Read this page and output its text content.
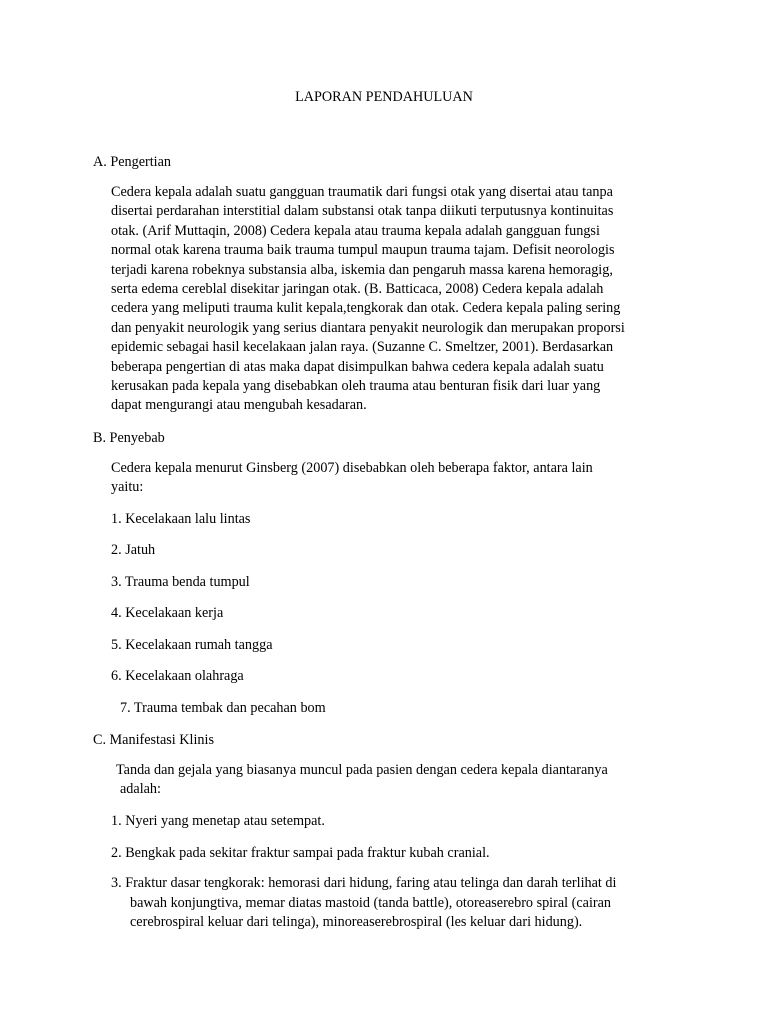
LAPORAN PENDAHULUAN
A. Pengertian
Cedera kepala adalah suatu gangguan traumatik dari fungsi otak yang disertai atau tanpa
disertai perdarahan interstitial dalam substansi otak tanpa diikuti terputusnya kontinuitas
otak. (Arif Muttaqin, 2008) Cedera kepala atau trauma kepala adalah gangguan fungsi
normal otak karena trauma baik trauma tumpul maupun trauma tajam. Defisit neorologis
terjadi karena robeknya substansia alba, iskemia dan pengaruh massa karena hemoragig,
serta edema cereblal disekitar jaringan otak. (B. Batticaca, 2008) Cedera kepala adalah
cedera yang meliputi trauma kulit kepala,tengkorak dan otak. Cedera kepala paling sering
dan penyakit neurologik yang serius diantara penyakit neurologik dan merupakan proporsi
epidemic sebagai hasil kecelakaan jalan raya. (Suzanne C. Smeltzer, 2001). Berdasarkan
beberapa pengertian di atas maka dapat disimpulkan bahwa cedera kepala adalah suatu
kerusakan pada kepala yang disebabkan oleh trauma atau benturan fisik dari luar yang
dapat mengurangi atau mengubah kesadaran.
B. Penyebab
Cedera kepala menurut Ginsberg (2007) disebabkan oleh beberapa faktor, antara lain
yaitu:
1. Kecelakaan lalu lintas
2. Jatuh
3. Trauma benda tumpul
4. Kecelakaan kerja
5. Kecelakaan rumah tangga
6. Kecelakaan olahraga
7. Trauma tembak dan pecahan bom
C. Manifestasi Klinis
Tanda dan gejala yang biasanya muncul pada pasien dengan cedera kepala diantaranya
adalah:
1. Nyeri yang menetap atau setempat.
2. Bengkak pada sekitar fraktur sampai pada fraktur kubah cranial.
3. Fraktur dasar tengkorak: hemorasi dari hidung, faring atau telinga dan darah terlihat di
bawah konjungtiva, memar diatas mastoid (tanda battle), otoreaserebro spiral (cairan
cerebrospiral keluar dari telinga), minoreaserebrospiral (les keluar dari hidung).
